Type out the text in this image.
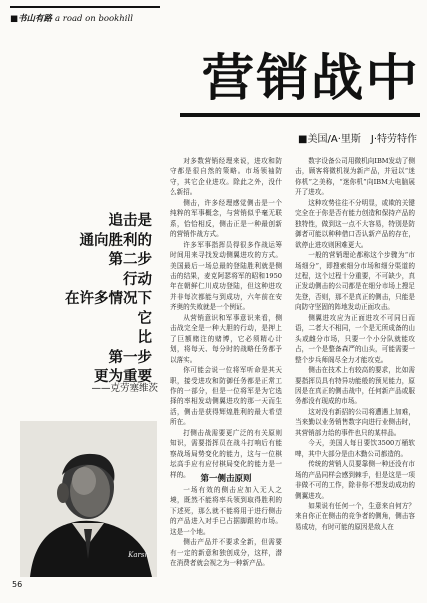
■书山有路 a road on bookhill
营销战中
■美国/A·里斯　J·特劳特作
追击是
通向胜利的
第二步
行动
在许多情况下
它
比
第一步
更为重要
——克劳塞维茨

对多数营销经理来说，进攻和防守都是很自然的策略。市场领袖防守，其它企业进攻。除此之外，没什么新招。

侧击，许多经理感觉侧击是一个纯粹的军事概念，与营销似乎毫无联系，恰恰相反，侧击正是一种最创新的营销作战方式。

许多军事指挥员得很多作战运筹时间用来寻找发动侧翼进攻的方式。美国最后一场总最的登陆胜利就是侧击的结果，麦克阿瑟将军的昭和1950年在朝鲜仁川成功登陆，但这种进攻并非每次都能与到成功，六年前在安齐奥的失败就是一个例证。

从营销意识和军事意识来看，侧击战完全是一种大胆的行动，是押上了巨额赌注的赌博，它必须精心计划，将每天、每分时的战略任务都予以落实。

你可能会说一位将军听命是其天职，接受进攻和防御任务都是正常工作的一部分，但是一位将军是为它选择的率相发动侧翼进攻的那一天而生活，侧击是获得辉煌胜利的最大希望所在。

打侧击战需要更广泛的有关原则知识，需要指挥员在战斗打响后有能察战场局势变化的能力，这与一位棋坛高手应有应付棋局变化的能力是一样的。	第一侧击原则

一场有效的侧击应加入无人之境，既然不能将率兵领到取得胜利的下述死，那么就不能将用于进行侧击的产品进入对手已占据脚跟的市场。这是一个地。

侧击产品并不要求全新，但需要有一定的新意和独创成分，这样，潜在消费者就会视之为一种新产品。

数字设备公司用微机向IBM发动了侧击，顾客将微机视为新产品，并冠以“迷你机”之美称，“迷你机”向IBM大电脑展开了进攻。

这种攻势往往不分明显，或欺的关键完全在于你是否有能力创造和保持产品的独特性，做到这一点不大容易，特别是防御者可能以种种借口否认新产品的存在，欲停止进攻则困难更大。

一般的营销理论都称这个步骤为“市场细分”，即搜索细分市场和细分渠道的过程，这个过程十分重要，不可缺少，真正发动侧击的公司都是在细分市场上搜足先登，否则，那不是真正的侧击，只能是向防守坚固的阵地发动正面攻击。

侧翼进攻应为正面进攻不可同日而语，二者大不相同，一个是无所成备的山头或雌分市场，只要一个小分队就能攻占，一个是整备森严的山头，可能需要一整个步兵师阁尽全力才能攻克。

侧击在技术上有较高的要求，比如需要指挥员具有特异功能般的预见能力，原因是在真正的侧击战中，任何新产品或服务都没有现成的市场。

这对没有新招的公司将遭遇上加难，当来勤以业务销售数字向进行业侧击时，其营销部力给的事件也只的某样品。

今天，美国人每日要饮3500万桶软啤，其中大部分是由木勤公司都造的。

传统的营销人员要靠侧一种还没有市场的产品同样会感到棘手，但是这是一项非做不可的工作，除非你不想发动成功的侧翼进攻。

如果说有任何一个，生意来自何方？来自你正在侧击的竞争者的侧角，侧击容易成功，有时可能的原因是敌人在

Karsh
56
